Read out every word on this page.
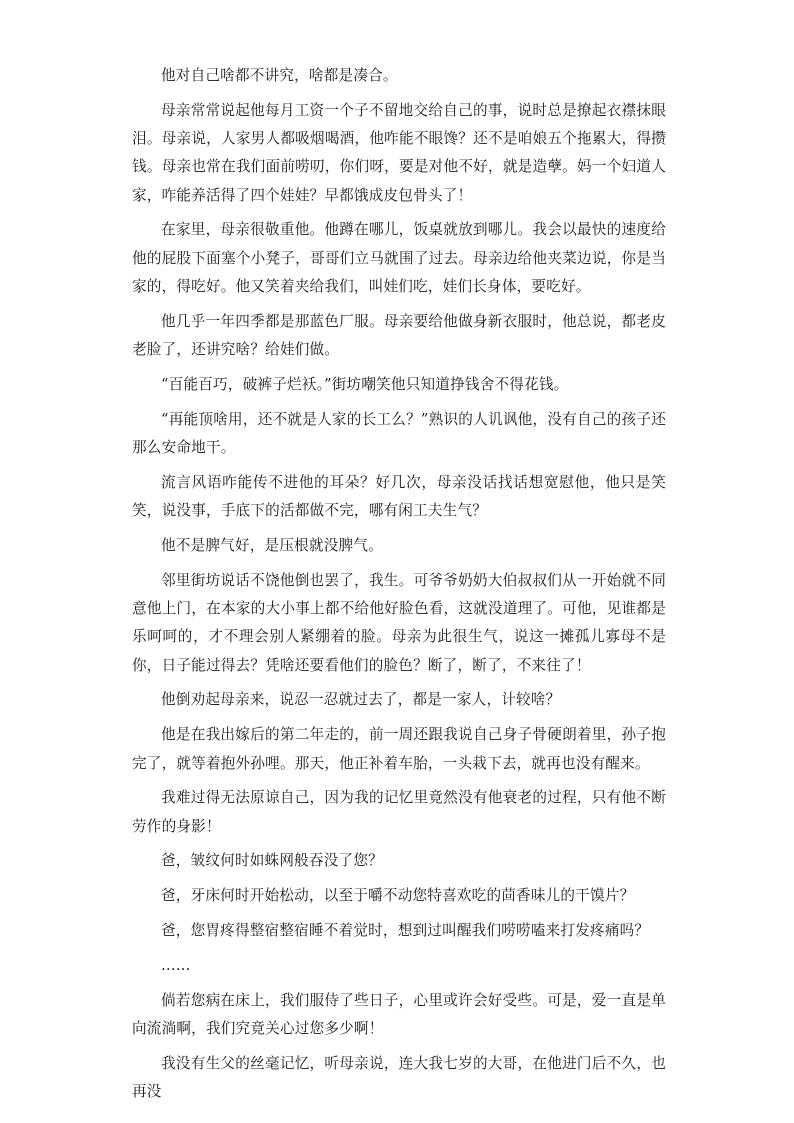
他对自己啥都不讲究，啥都是凑合。

母亲常常说起他每月工资一个子不留地交给自己的事，说时总是撩起衣襟抹眼泪。母亲说，人家男人都吸烟喝酒，他咋能不眼馋？还不是咱娘五个拖累大，得攒钱。母亲也常在我们面前唠叨，你们呀，要是对他不好，就是造孽。妈一个妇道人家，咋能养活得了四个娃娃？早都饿成皮包骨头了！

在家里，母亲很敬重他。他蹲在哪儿，饭桌就放到哪儿。我会以最快的速度给他的屁股下面塞个小凳子，哥哥们立马就围了过去。母亲边给他夹菜边说，你是当家的，得吃好。他又笑着夹给我们，叫娃们吃，娃们长身体，要吃好。

他几乎一年四季都是那蓝色厂服。母亲要给他做身新衣服时，他总说，都老皮老脸了，还讲究啥？给娃们做。

“百能百巧，破裤子烂袄。”街坊嘲笑他只知道挣钱舍不得花钱。

“再能顶啥用，还不就是人家的长工么？”熟识的人讥讽他，没有自己的孩子还那么安命地干。

流言风语咋能传不进他的耳朵？好几次，母亲没话找话想宽慰他，他只是笑笑，说没事，手底下的活都做不完，哪有闲工夫生气？

他不是脾气好，是压根就没脾气。

邻里街坊说话不饶他倒也罢了，我生。可爷爷奶奶大伯叔叔们从一开始就不同意他上门，在本家的大小事上都不给他好脸色看，这就没道理了。可他，见谁都是乐呵呵的，才不理会别人紧绷着的脸。母亲为此很生气，说这一摊孤儿寡母不是你，日子能过得去？凭啥还要看他们的脸色？断了，断了，不来往了！

他倒劝起母亲来，说忍一忍就过去了，都是一家人，计较啥？

他是在我出嫁后的第二年走的，前一周还跟我说自己身子骨硬朗着里，孙子抱完了，就等着抱外孙哩。那天，他正补着车胎，一头栽下去，就再也没有醒来。

我难过得无法原谅自己，因为我的记忆里竟然没有他衰老的过程，只有他不断劳作的身影！

爸，皱纹何时如蛛网般吞没了您？

爸，牙床何时开始松动，以至于嚼不动您特喜欢吃的茴香味儿的干馍片？

爸，您胃疼得整宿整宿睡不着觉时，想到过叫醒我们唠唠嗑来打发疼痛吗？

……

倘若您病在床上，我们服侍了些日子，心里或许会好受些。可是，爱一直是单向流淌啊，我们究竟关心过您多少啊！

我没有生父的丝毫记忆，听母亲说，连大我七岁的大哥，在他进门后不久，也再没
